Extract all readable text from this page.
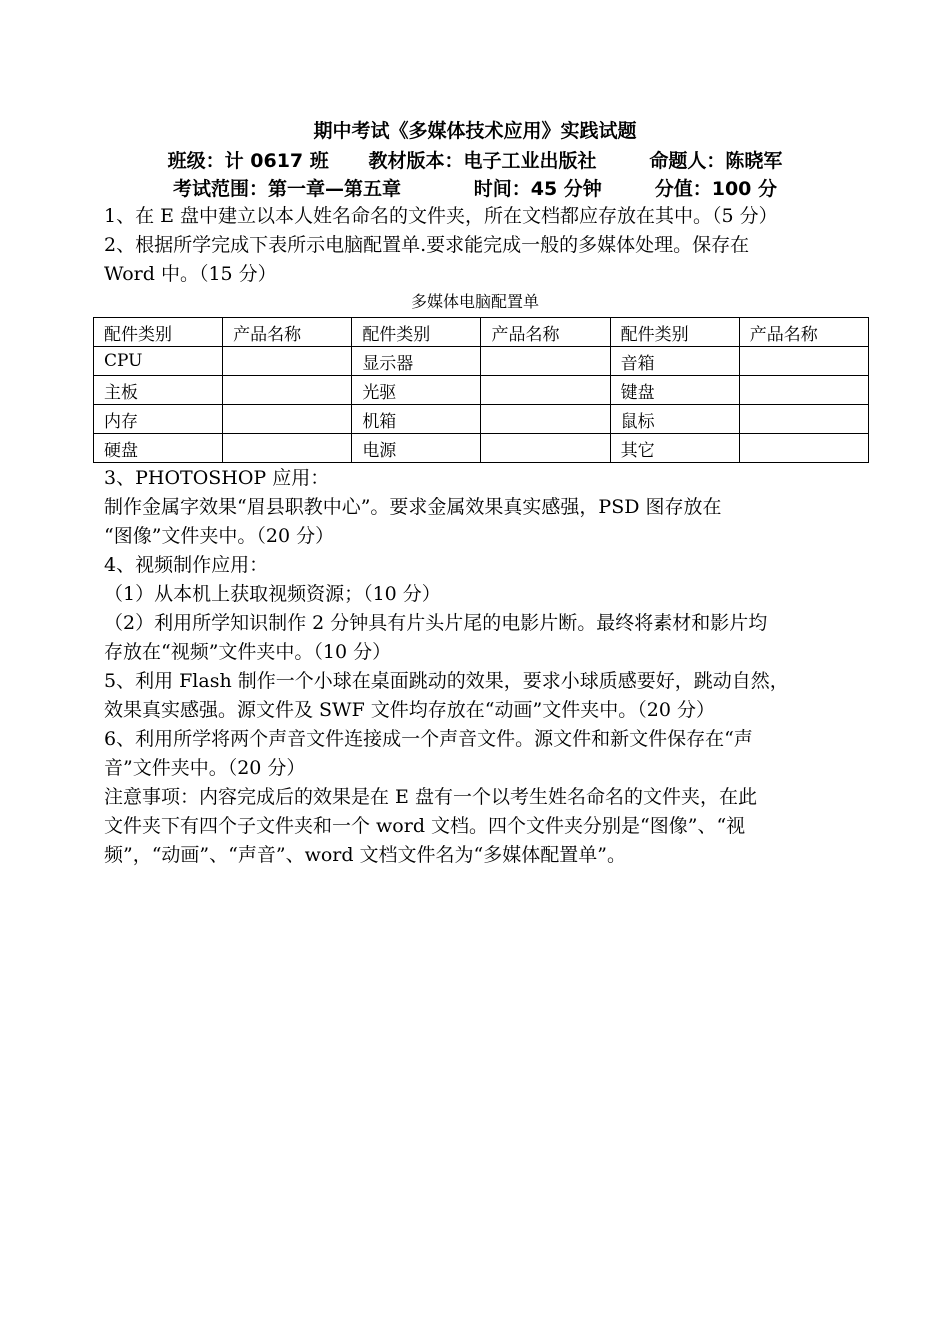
期中考试《多媒体技术应用》实践试题
班级：计 0617 班      教材版本：电子工业出版社        命题人：陈晓军
考试范围：第一章—第五章           时间：45 分钟        分值：100 分
1、在 E 盘中建立以本人姓名命名的文件夹，所在文档都应存放在其中。（5 分）
2、根据所学完成下表所示电脑配置单.要求能完成一般的多媒体处理。保存在
Word 中。（15 分）
多媒体电脑配置单
配件类别	产品名称	配件类别	产品名称	配件类别	产品名称
CPU		显示器		音箱	
主板		光驱		键盘	
内存		机箱		鼠标	
硬盘		电源		其它	
3、PHOTOSHOP 应用：
制作金属字效果“眉县职教中心”。要求金属效果真实感强，PSD 图存放在
“图像”文件夹中。（20 分）
4、视频制作应用：
（1）从本机上获取视频资源；（10 分）
（2）利用所学知识制作 2 分钟具有片头片尾的电影片断。最终将素材和影片均
存放在“视频”文件夹中。（10 分）
5、利用 Flash 制作一个小球在桌面跳动的效果，要求小球质感要好，跳动自然，
效果真实感强。源文件及 SWF 文件均存放在“动画”文件夹中。（20 分）
6、利用所学将两个声音文件连接成一个声音文件。源文件和新文件保存在“声
音”文件夹中。（20 分）
注意事项：内容完成后的效果是在 E 盘有一个以考生姓名命名的文件夹，在此
文件夹下有四个子文件夹和一个 word 文档。四个文件夹分别是“图像”、“视
频”，“动画”、“声音”、word 文档文件名为“多媒体配置单”。
